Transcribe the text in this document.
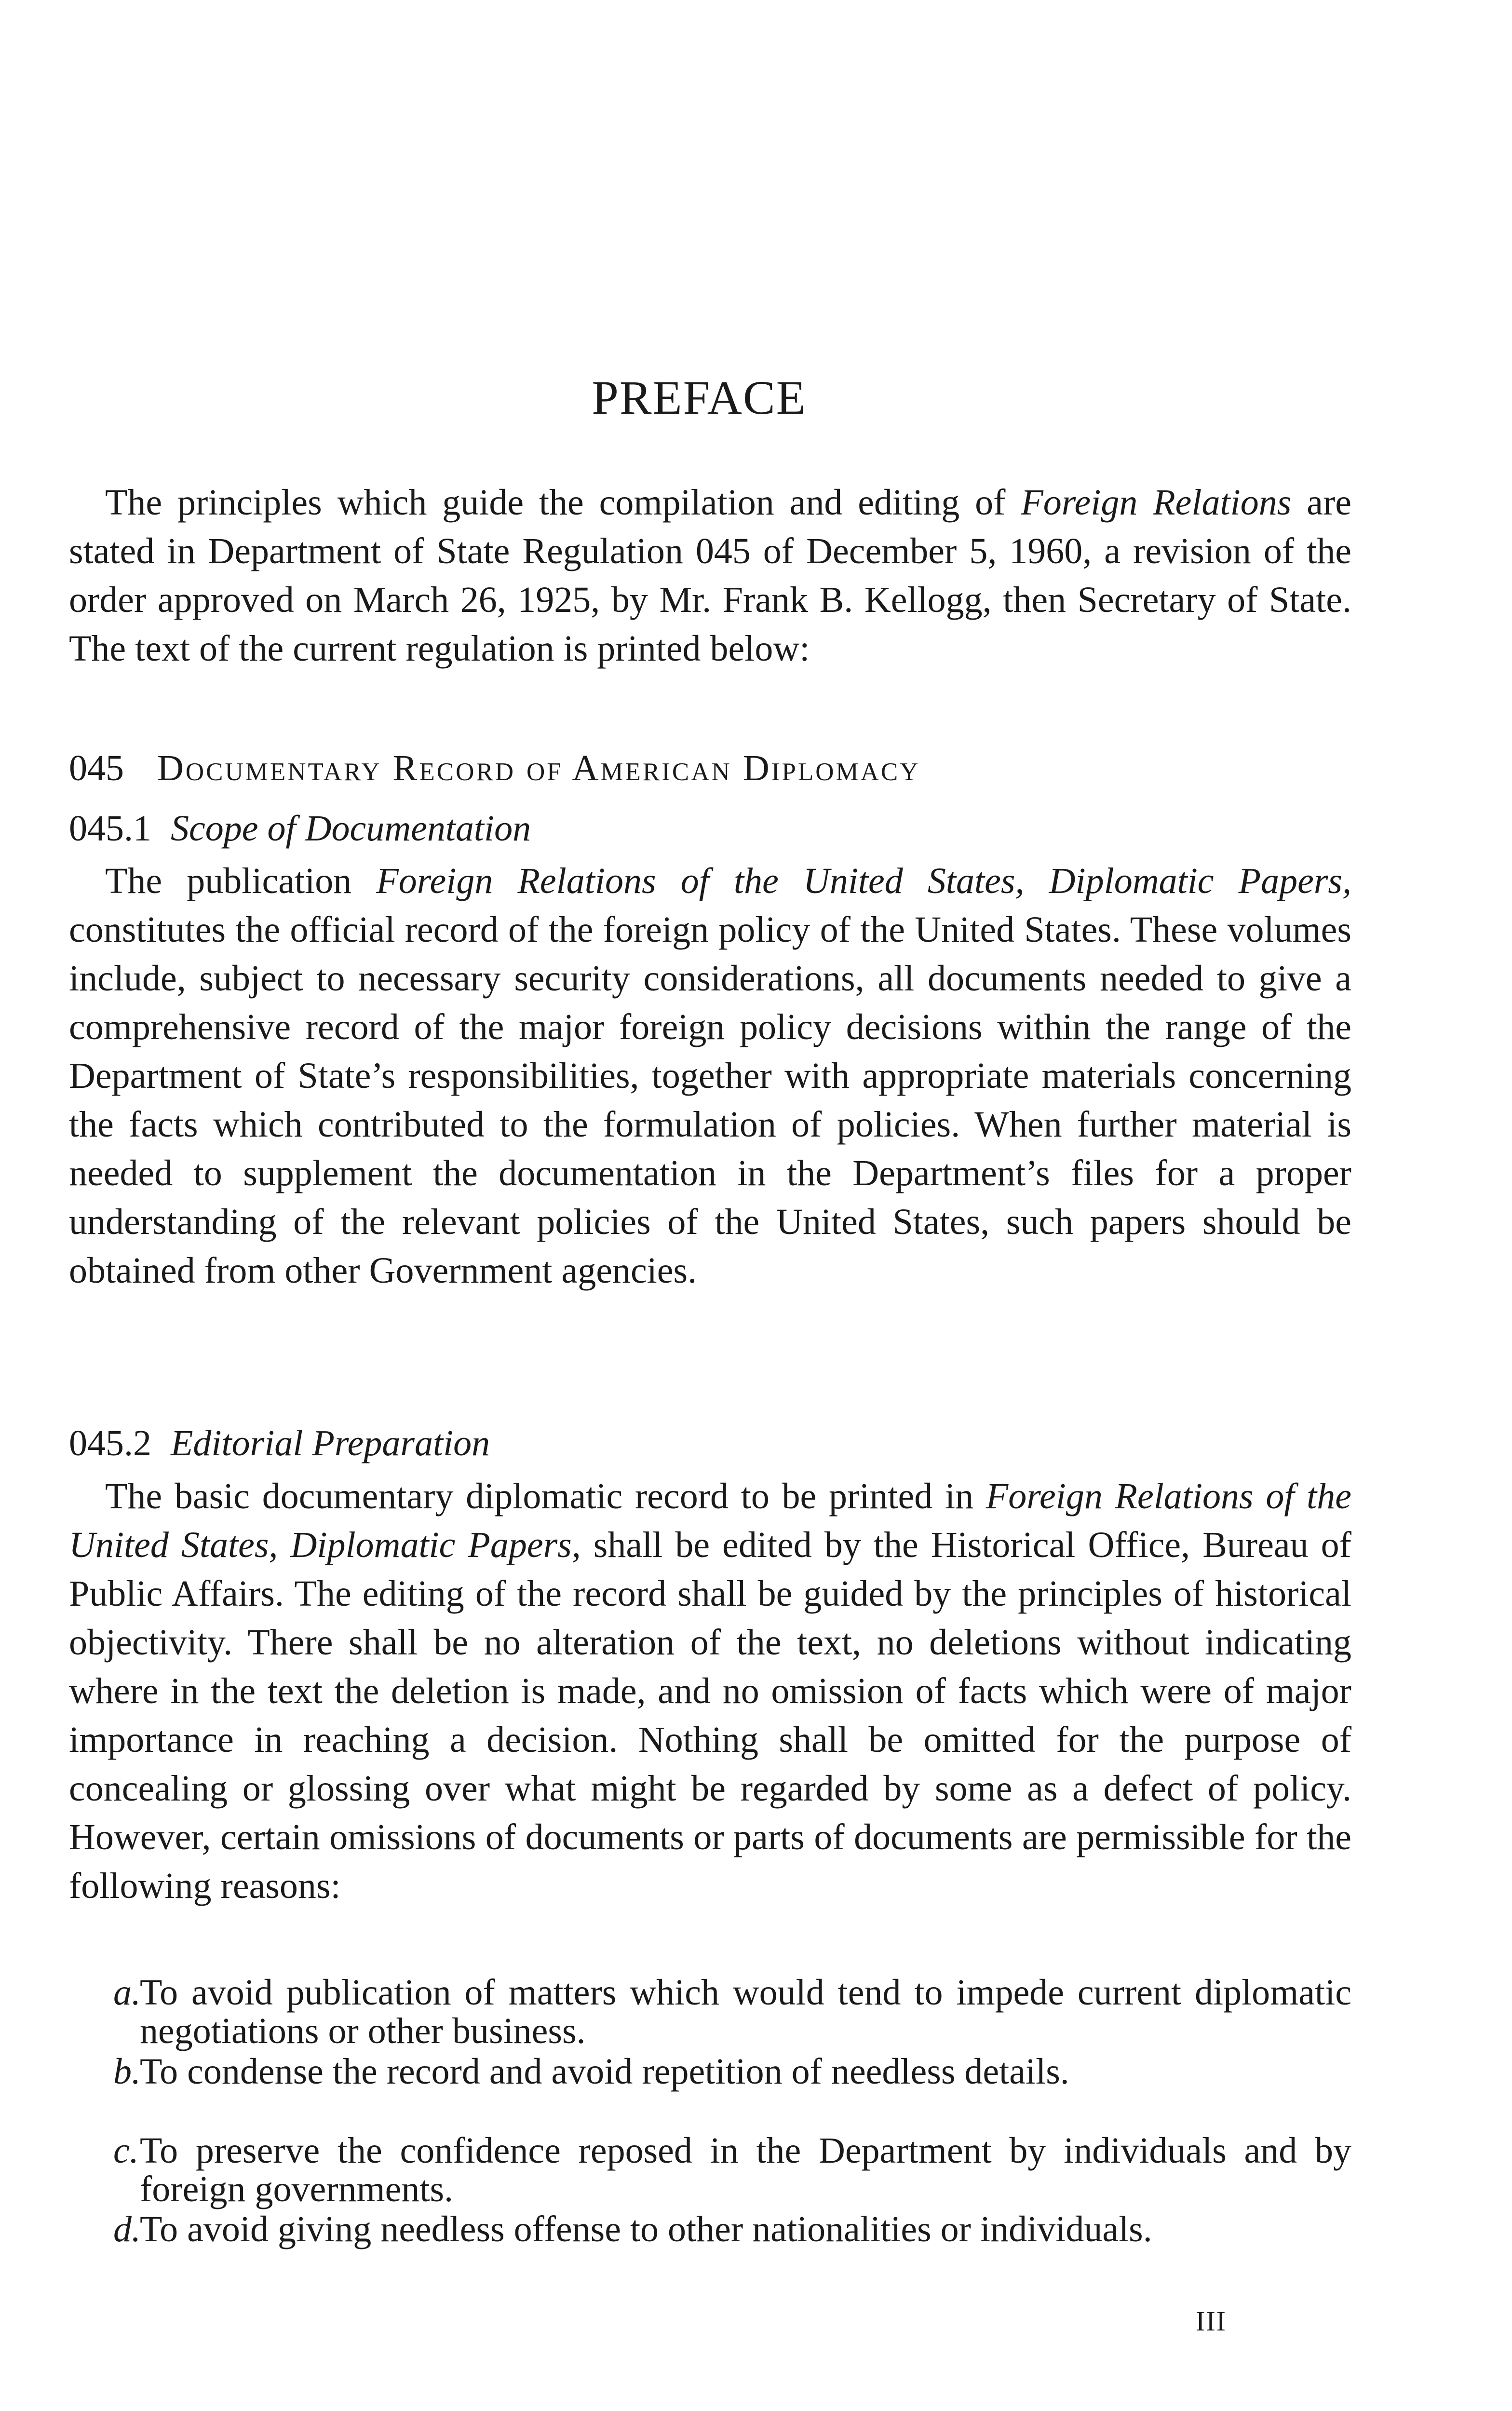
PREFACE

The principles which guide the compilation and editing of Foreign Relations are stated in Department of State Regulation 045 of December 5, 1960, a revision of the order approved on March 26, 1925, by Mr. Frank B. Kellogg, then Secretary of State. The text of the current regulation is printed below:

045 Documentary Record of American Diplomacy
045.1 Scope of Documentation

The publication Foreign Relations of the United States, Diplomatic Papers, constitutes the official record of the foreign policy of the United States. These volumes include, subject to necessary security considerations, all documents needed to give a comprehensive record of the major foreign policy decisions within the range of the Department of State’s responsibilities, together with appropriate materials concerning the facts which contributed to the formulation of policies. When further material is needed to supplement the documentation in the Department’s files for a proper understanding of the relevant policies of the United States, such papers should be obtained from other Government agencies.

045.2 Editorial Preparation

The basic documentary diplomatic record to be printed in Foreign Relations of the United States, Diplomatic Papers, shall be edited by the Historical Office, Bureau of Public Affairs. The editing of the record shall be guided by the principles of historical objectivity. There shall be no alteration of the text, no deletions without indicating where in the text the deletion is made, and no omission of facts which were of major importance in reaching a decision. Nothing shall be omitted for the purpose of concealing or glossing over what might be regarded by some as a defect of policy. However, certain omissions of documents or parts of documents are permissible for the following reasons:

a.
To avoid publication of matters which would tend to impede current diplomatic negotiations or other business.
b.
To condense the record and avoid repetition of needless details.
c. To preserve the confidence reposed in the Department by individuals and by foreign governments.
d.
To avoid giving needless offense to other nationalities or individuals.
III
